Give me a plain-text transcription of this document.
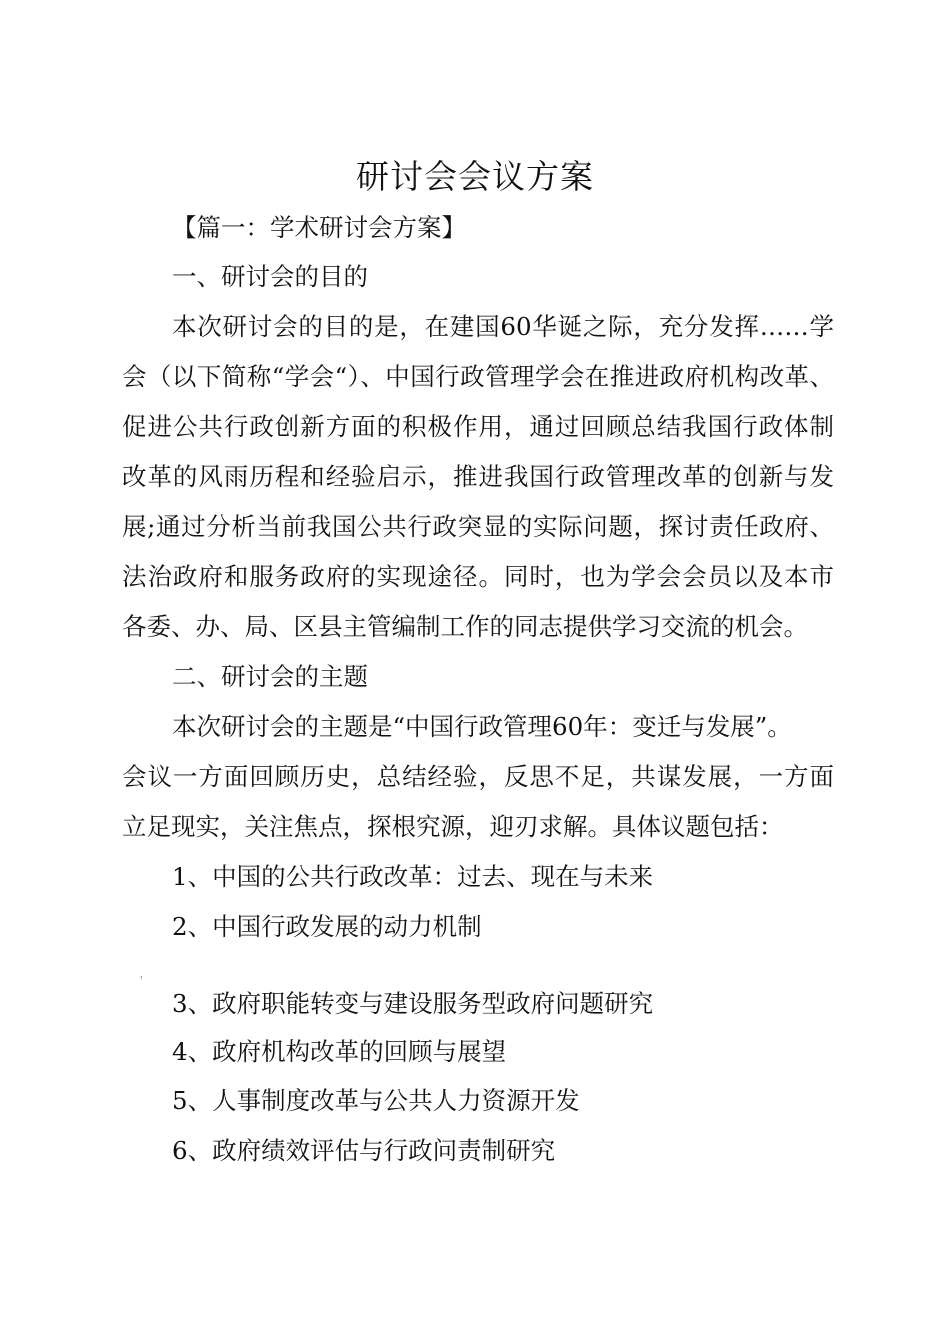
研讨会会议方案
【篇一：学术研讨会方案】
一、研讨会的目的
本次研讨会的目的是，在建国60华诞之际，充分发挥……学
会（以下简称“学会“）、中国行政管理学会在推进政府机构改革、
促进公共行政创新方面的积极作用，通过回顾总结我国行政体制
改革的风雨历程和经验启示，推进我国行政管理改革的创新与发
展;通过分析当前我国公共行政突显的实际问题，探讨责任政府、
法治政府和服务政府的实现途径。同时，也为学会会员以及本市
各委、办、局、区县主管编制工作的同志提供学习交流的机会。
二、研讨会的主题
本次研讨会的主题是“中国行政管理60年：变迁与发展”。
会议一方面回顾历史，总结经验，反思不足，共谋发展，一方面
立足现实，关注焦点，探根究源，迎刃求解。具体议题包括：
1、中国的公共行政改革：过去、现在与未来
2、中国行政发展的动力机制
'
3、政府职能转变与建设服务型政府问题研究
4、政府机构改革的回顾与展望
5、人事制度改革与公共人力资源开发
6、政府绩效评估与行政问责制研究
